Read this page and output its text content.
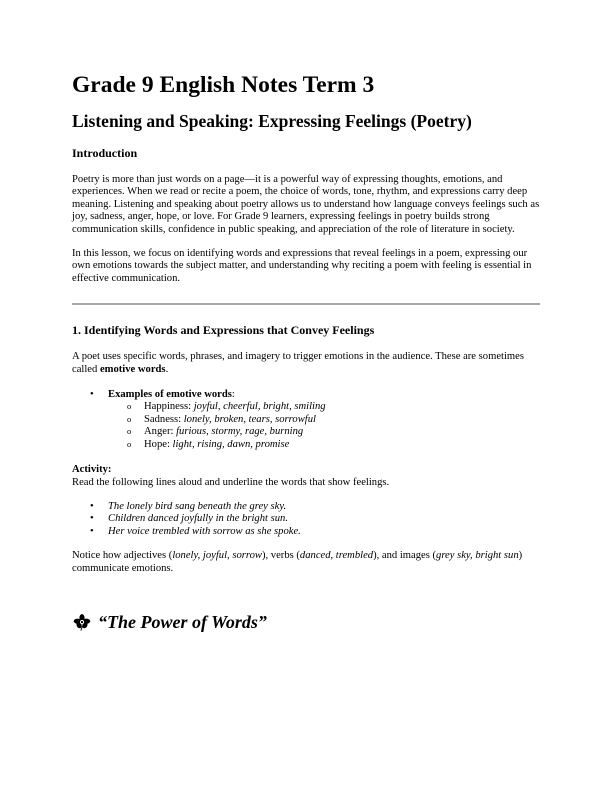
Grade 9 English Notes Term 3
Listening and Speaking: Expressing Feelings (Poetry)
Introduction

Poetry is more than just words on a page—it is a powerful way of expressing thoughts, emotions, and experiences. When we read or recite a poem, the choice of words, tone, rhythm, and expressions carry deep meaning. Listening and speaking about poetry allows us to understand how language conveys feelings such as joy, sadness, anger, hope, or love. For Grade 9 learners, expressing feelings in poetry builds strong communication skills, confidence in public speaking, and appreciation of the role of literature in society.

In this lesson, we focus on identifying words and expressions that reveal feelings in a poem, expressing our own emotions towards the subject matter, and understanding why reciting a poem with feeling is essential in effective communication.

1. Identifying Words and Expressions that Convey Feelings

A poet uses specific words, phrases, and imagery to trigger emotions in the audience. These are sometimes called emotive words.

• Examples of emotive words:
o Happiness: joyful, cheerful, bright, smiling
o Sadness: lonely, broken, tears, sorrowful
o Anger: furious, stormy, rage, burning
o Hope: light, rising, dawn, promise
Activity:

Read the following lines aloud and underline the words that show feelings.

• The lonely bird sang beneath the grey sky.
• Children danced joyfully in the bright sun.
• Her voice trembled with sorrow as she spoke.

Notice how adjectives (lonely, joyful, sorrow), verbs (danced, trembled), and images (grey sky, bright sun) communicate emotions.

“The Power of Words”
